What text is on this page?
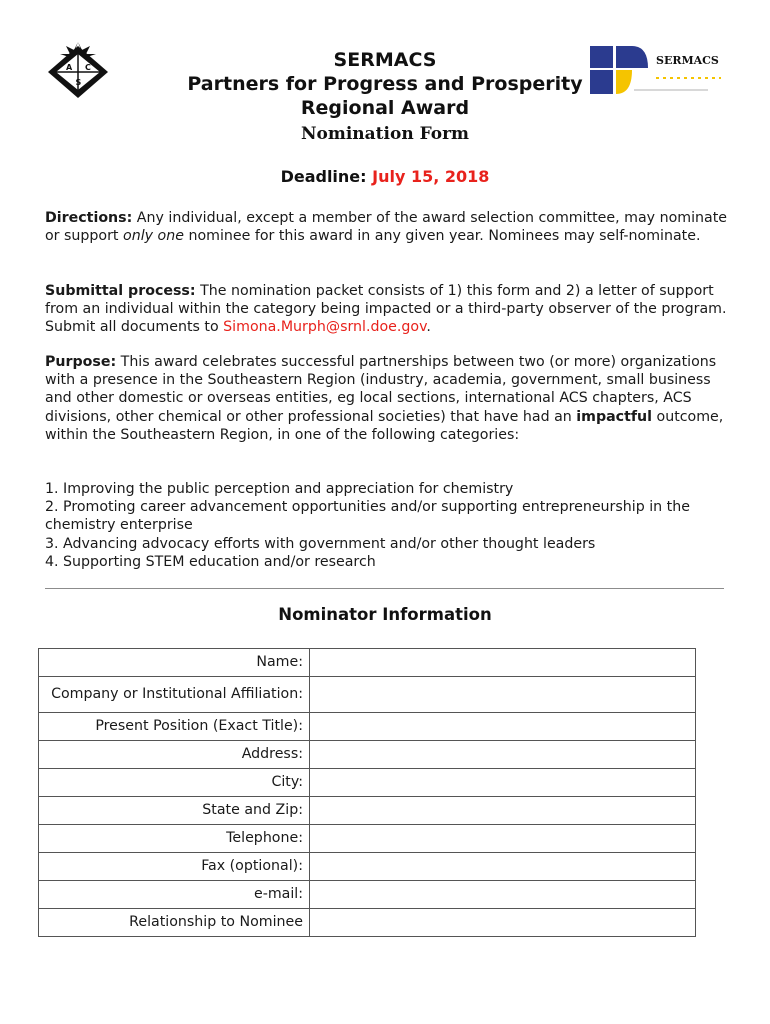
A C
S
SERMACS
SERMACS
Partners for Progress and Prosperity
Regional Award
Nomination Form
Deadline: July 15, 2018
Directions: Any individual, except a member of the award selection committee, may nominate or support only one nominee for this award in any given year. Nominees may self-nominate.
Submittal process: The nomination packet consists of 1) this form and 2) a letter of support from an individual within the category being impacted or a third-party observer of the program. Submit all documents to Simona.Murph@srnl.doe.gov.
Purpose: This award celebrates successful partnerships between two (or more) organizations with a presence in the Southeastern Region (industry, academia, government, small business and other domestic or overseas entities, eg local sections, international ACS chapters, ACS divisions, other chemical or other professional societies) that have had an impactful outcome, within the Southeastern Region, in one of the following categories:
1. Improving the public perception and appreciation for chemistry
2. Promoting career advancement opportunities and/or supporting entrepreneurship in the chemistry enterprise
3. Advancing advocacy efforts with government and/or other thought leaders
4. Supporting STEM education and/or research
Nominator Information
Name:	
Company or Institutional Affiliation:	
Present Position (Exact Title):	
Address:	
City:	
State and Zip:	
Telephone:	
Fax (optional):	
e-mail:	
Relationship to Nominee	
